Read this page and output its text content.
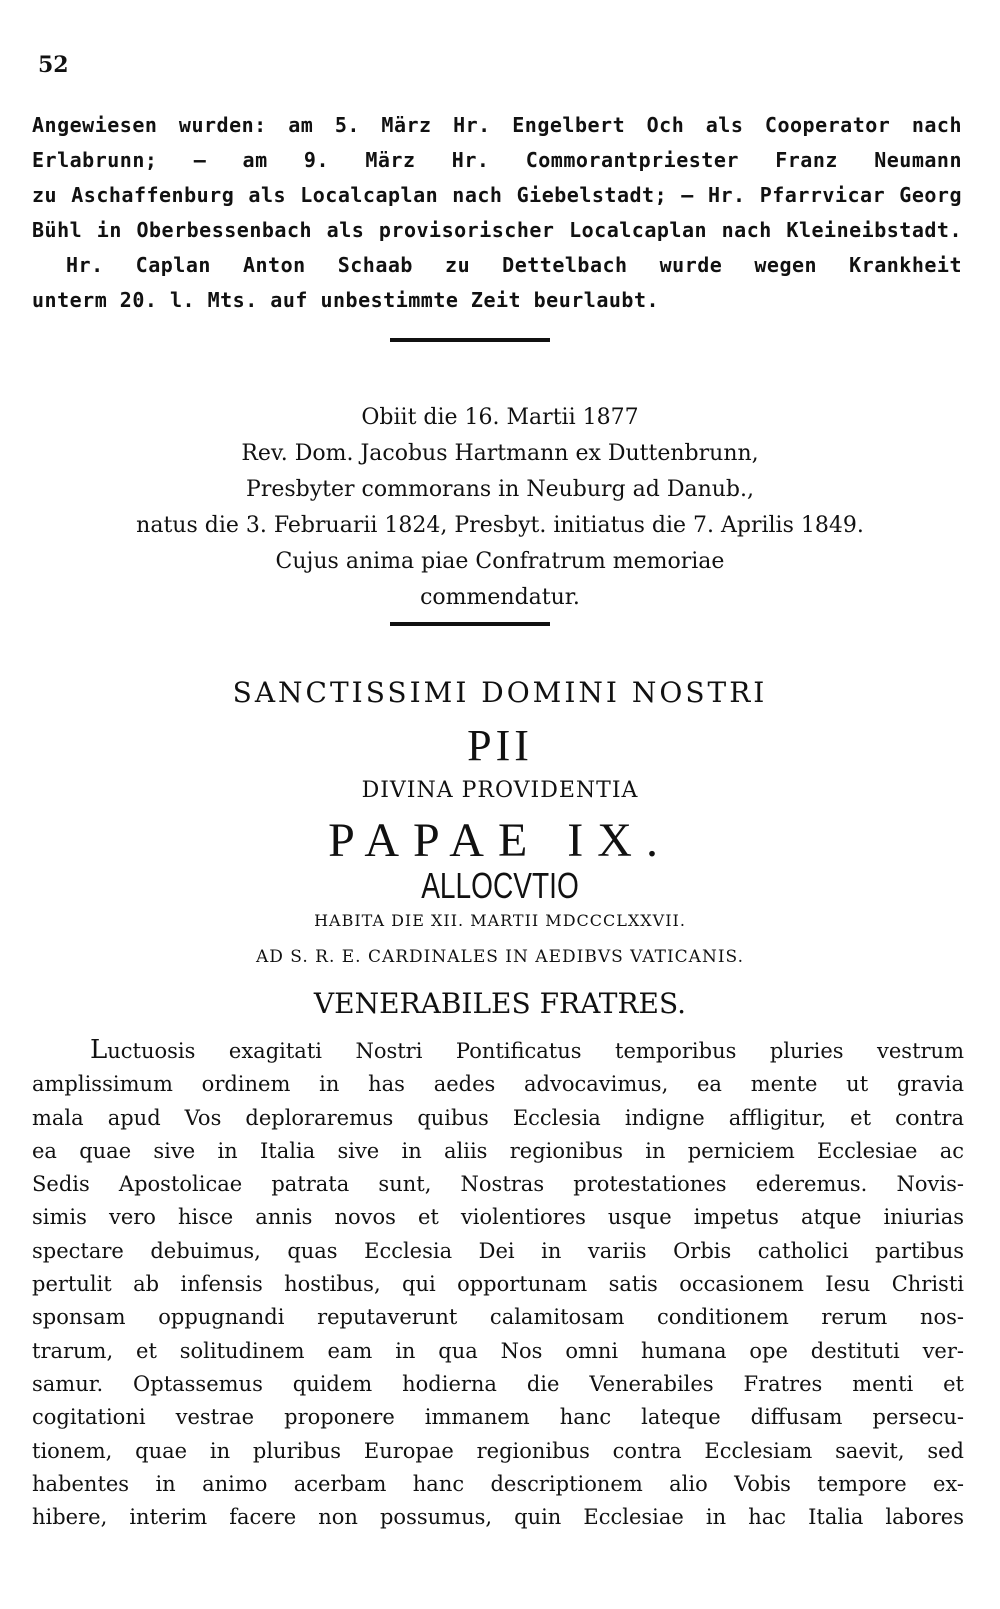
52
Angewiesen wurden: am 5. März Hr. Engelbert Och als Cooperator nach
Erlabrunn; — am 9. März Hr. Commorantpriester Franz Neumann
zu Aschaffenburg als Localcaplan nach Giebelstadt; — Hr. Pfarrvicar Georg
Bühl in Oberbessenbach als provisorischer Localcaplan nach Kleineibstadt.
Hr. Caplan Anton Schaab zu Dettelbach wurde wegen Krankheit
unterm 20. l. Mts. auf unbestimmte Zeit beurlaubt.
Obiit die 16. Martii 1877
Rev. Dom. Jacobus Hartmann ex Duttenbrunn,
Presbyter commorans in Neuburg ad Danub.,
natus die 3. Februarii 1824, Presbyt. initiatus die 7. Aprilis 1849.
Cujus anima piae Confratrum memoriae
commendatur.
SANCTISSIMI DOMINI NOSTRI
PII
DIVINA PROVIDENTIA
PAPAE IX.
ALLOCVTIO
HABITA DIE XII. MARTII MDCCCLXXVII.
AD S. R. E. CARDINALES IN AEDIBVS VATICANIS.
VENERABILES FRATRES.
Luctuosis exagitati Nostri Pontificatus temporibus pluries vestrum
amplissimum ordinem in has aedes advocavimus, ea mente ut gravia
mala apud Vos deploraremus quibus Ecclesia indigne affligitur, et contra
ea quae sive in Italia sive in aliis regionibus in perniciem Ecclesiae ac
Sedis Apostolicae patrata sunt, Nostras protestationes ederemus. Novis-
simis vero hisce annis novos et violentiores usque impetus atque iniurias
spectare debuimus, quas Ecclesia Dei in variis Orbis catholici partibus
pertulit ab infensis hostibus, qui opportunam satis occasionem Iesu Christi
sponsam oppugnandi reputaverunt calamitosam conditionem rerum nos-
trarum, et solitudinem eam in qua Nos omni humana ope destituti ver-
samur. Optassemus quidem hodierna die Venerabiles Fratres menti et
cogitationi vestrae proponere immanem hanc lateque diffusam persecu-
tionem, quae in pluribus Europae regionibus contra Ecclesiam saevit, sed
habentes in animo acerbam hanc descriptionem alio Vobis tempore ex-
hibere, interim facere non possumus, quin Ecclesiae in hac Italia labores
